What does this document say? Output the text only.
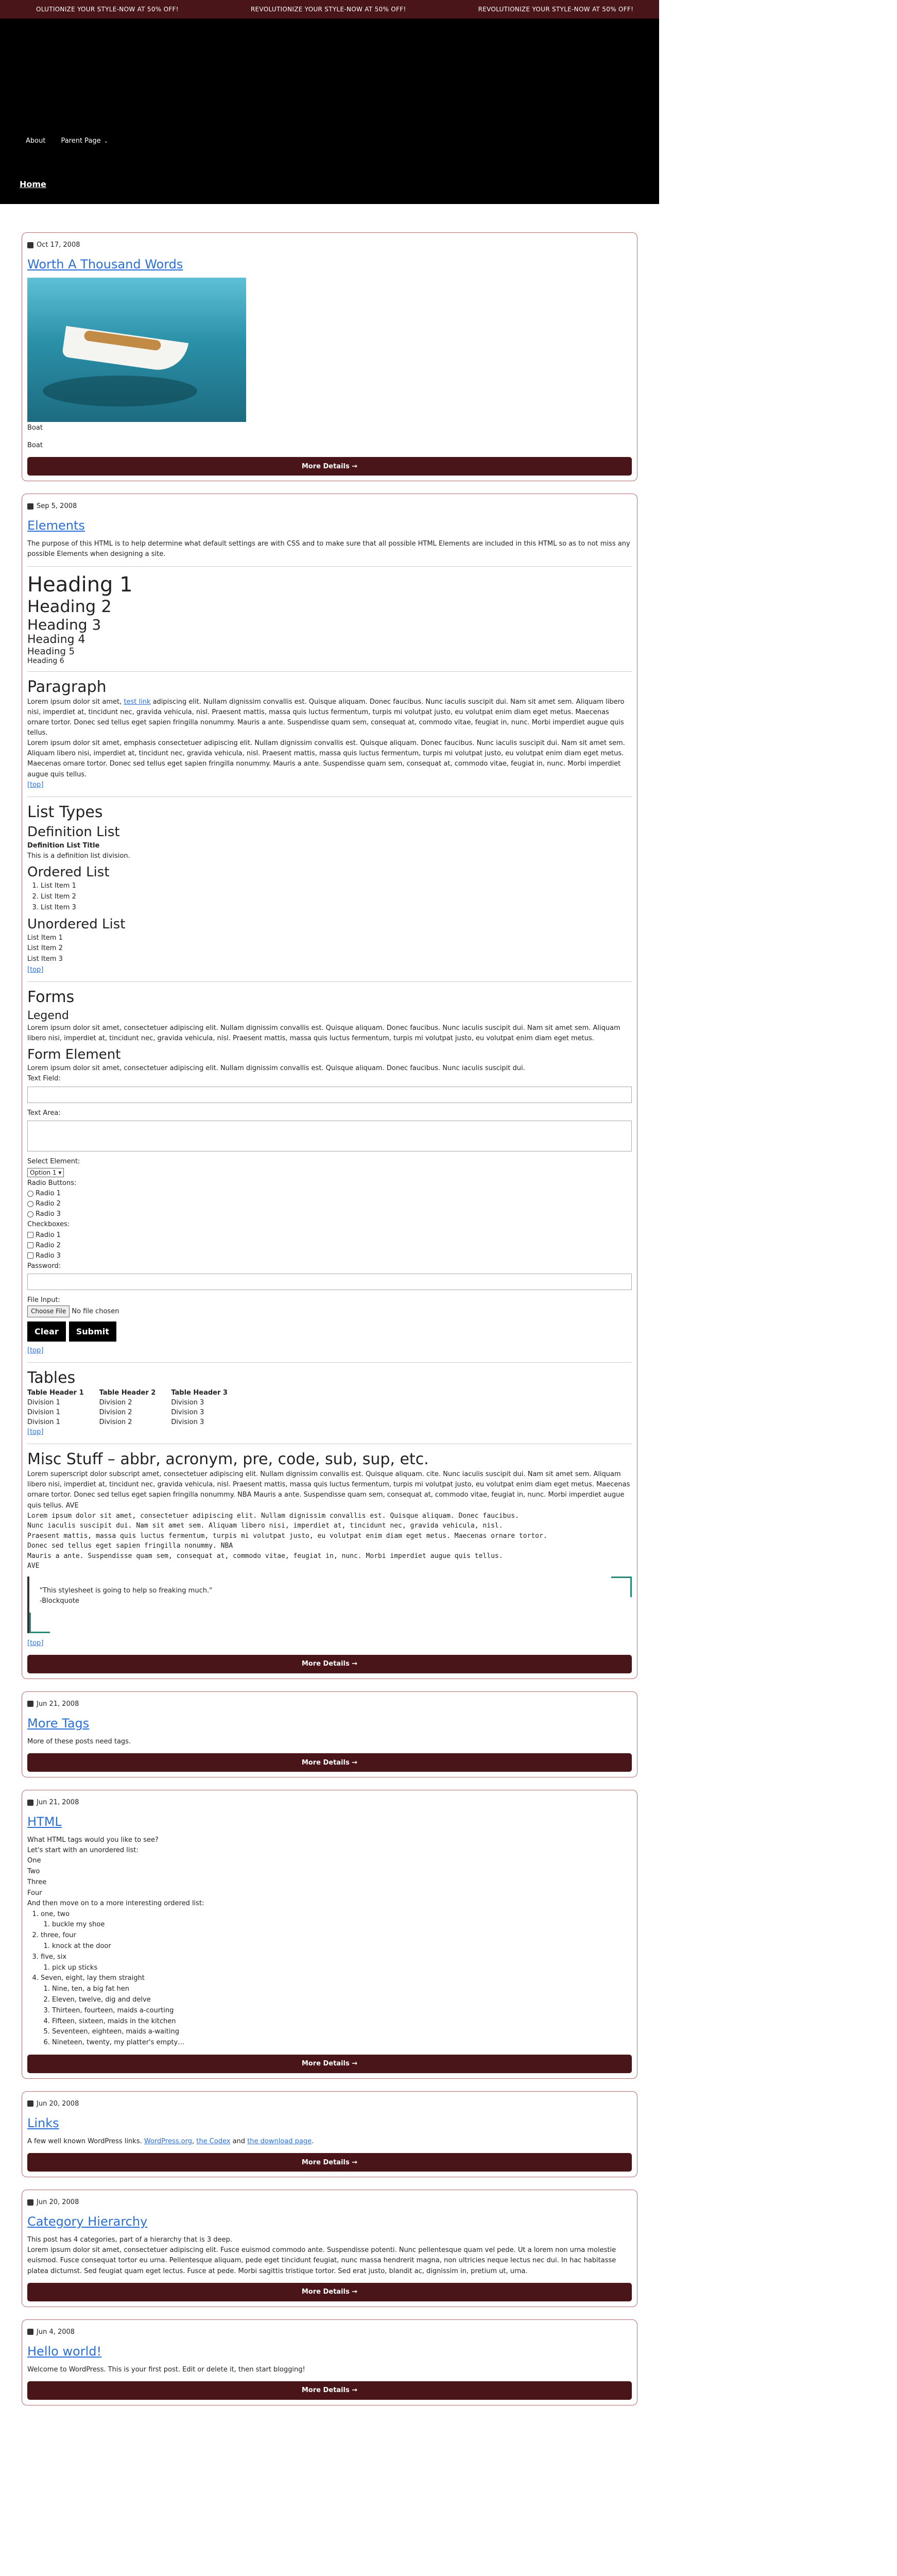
OLUTIONIZE YOUR STYLE-NOW AT 50% OFF!	REVOLUTIONIZE YOUR STYLE-NOW AT 50% OFF!	REVOLUTIONIZE YOUR STYLE-NOW AT 50% OFF!	REVOLUTIONIZE YOUR STYLE-NOW AT 50% OFF!
About Parent Page ⌄
Home
Oct 17, 2008
Worth A Thousand Words
Boat
Boat
More Details →
Sep 5, 2008
Elements
The purpose of this HTML is to help determine what default settings are with CSS and to make sure that all possible HTML Elements are included in this HTML so as to not miss any possible Elements when designing a site.
Heading 1
Heading 2
Heading 3
Heading 4
Heading 5
Heading 6
Paragraph
Lorem ipsum dolor sit amet, test link adipiscing elit. Nullam dignissim convallis est. Quisque aliquam. Donec faucibus. Nunc iaculis suscipit dui. Nam sit amet sem. Aliquam libero nisi, imperdiet at, tincidunt nec, gravida vehicula, nisl. Praesent mattis, massa quis luctus fermentum, turpis mi volutpat justo, eu volutpat enim diam eget metus. Maecenas ornare tortor. Donec sed tellus eget sapien fringilla nonummy. Mauris a ante. Suspendisse quam sem, consequat at, commodo vitae, feugiat in, nunc. Morbi imperdiet augue quis tellus.
Lorem ipsum dolor sit amet, emphasis consectetuer adipiscing elit. Nullam dignissim convallis est. Quisque aliquam. Donec faucibus. Nunc iaculis suscipit dui. Nam sit amet sem. Aliquam libero nisi, imperdiet at, tincidunt nec, gravida vehicula, nisl. Praesent mattis, massa quis luctus fermentum, turpis mi volutpat justo, eu volutpat enim diam eget metus. Maecenas ornare tortor. Donec sed tellus eget sapien fringilla nonummy. Mauris a ante. Suspendisse quam sem, consequat at, commodo vitae, feugiat in, nunc. Morbi imperdiet augue quis tellus.
[top]
List Types
Definition List
Definition List Title
This is a definition list division.
Ordered List
1. List Item 1
2. List Item 2
3. List Item 3
Unordered List
List Item 1
List Item 2
List Item 3
[top]
Forms
Legend
Lorem ipsum dolor sit amet, consectetuer adipiscing elit. Nullam dignissim convallis est. Quisque aliquam. Donec faucibus. Nunc iaculis suscipit dui. Nam sit amet sem. Aliquam libero nisi, imperdiet at, tincidunt nec, gravida vehicula, nisl. Praesent mattis, massa quis luctus fermentum, turpis mi volutpat justo, eu volutpat enim diam eget metus.
Form Element
Lorem ipsum dolor sit amet, consectetuer adipiscing elit. Nullam dignissim convallis est. Quisque aliquam. Donec faucibus. Nunc iaculis suscipit dui.
Text Field:
Text Area:
Select Element:
Option 1 ▾
Radio Buttons:
Radio 1
Radio 2
Radio 3
Checkboxes:
Radio 1
Radio 2
Radio 3
Password:
File Input:
Choose File No file chosen
Clear Submit
[top]
Tables
Table Header 1	Table Header 2	Table Header 3
Division 1	Division 2	Division 3
Division 1	Division 2	Division 3
Division 1	Division 2	Division 3
[top]
Misc Stuff – abbr, acronym, pre, code, sub, sup, etc.
Lorem superscript dolor subscript amet, consectetuer adipiscing elit. Nullam dignissim convallis est. Quisque aliquam. cite. Nunc iaculis suscipit dui. Nam sit amet sem. Aliquam libero nisi, imperdiet at, tincidunt nec, gravida vehicula, nisl. Praesent mattis, massa quis luctus fermentum, turpis mi volutpat justo, eu volutpat enim diam eget metus. Maecenas ornare tortor. Donec sed tellus eget sapien fringilla nonummy. NBA Mauris a ante. Suspendisse quam sem, consequat at, commodo vitae, feugiat in, nunc. Morbi imperdiet augue quis tellus. AVE
Lorem ipsum dolor sit amet, consectetuer adipiscing elit. Nullam dignissim convallis est. Quisque aliquam. Donec faucibus.
Nunc iaculis suscipit dui. Nam sit amet sem. Aliquam libero nisi, imperdiet at, tincidunt nec, gravida vehicula, nisl.
Praesent mattis, massa quis luctus fermentum, turpis mi volutpat justo, eu volutpat enim diam eget metus. Maecenas ornare tortor.
Donec sed tellus eget sapien fringilla nonummy. NBA
Mauris a ante. Suspendisse quam sem, consequat at, commodo vitae, feugiat in, nunc. Morbi imperdiet augue quis tellus.
AVE
"This stylesheet is going to help so freaking much."
-Blockquote
[top]
More Details →
Jun 21, 2008
More Tags
More of these posts need tags.
More Details →
Jun 21, 2008
HTML
What HTML tags would you like to see?
Let's start with an unordered list:
One
Two
Three
Four
And then move on to a more interesting ordered list:
1. one, two
1. buckle my shoe
2. three, four
1. knock at the door
3. five, six
1. pick up sticks
4. Seven, eight, lay them straight
1. Nine, ten, a big fat hen
2. Eleven, twelve, dig and delve
3. Thirteen, fourteen, maids a-courting
4. Fifteen, sixteen, maids in the kitchen
5. Seventeen, eighteen, maids a-waiting
6. Nineteen, twenty, my platter's empty…
More Details →
Jun 20, 2008
Links
A few well known WordPress links. WordPress.org, the Codex and the download page.
More Details →
Jun 20, 2008
Category Hierarchy
This post has 4 categories, part of a hierarchy that is 3 deep.
Lorem ipsum dolor sit amet, consectetuer adipiscing elit. Fusce euismod commodo ante. Suspendisse potenti. Nunc pellentesque quam vel pede. Ut a lorem non urna molestie euismod. Fusce consequat tortor eu urna. Pellentesque aliquam, pede eget tincidunt feugiat, nunc massa hendrerit magna, non ultricies neque lectus nec dui. In hac habitasse platea dictumst. Sed feugiat quam eget lectus. Fusce at pede. Morbi sagittis tristique tortor. Sed erat justo, blandit ac, dignissim in, pretium ut, urna.
More Details →
Jun 4, 2008
Hello world!
Welcome to WordPress. This is your first post. Edit or delete it, then start blogging!
More Details →
